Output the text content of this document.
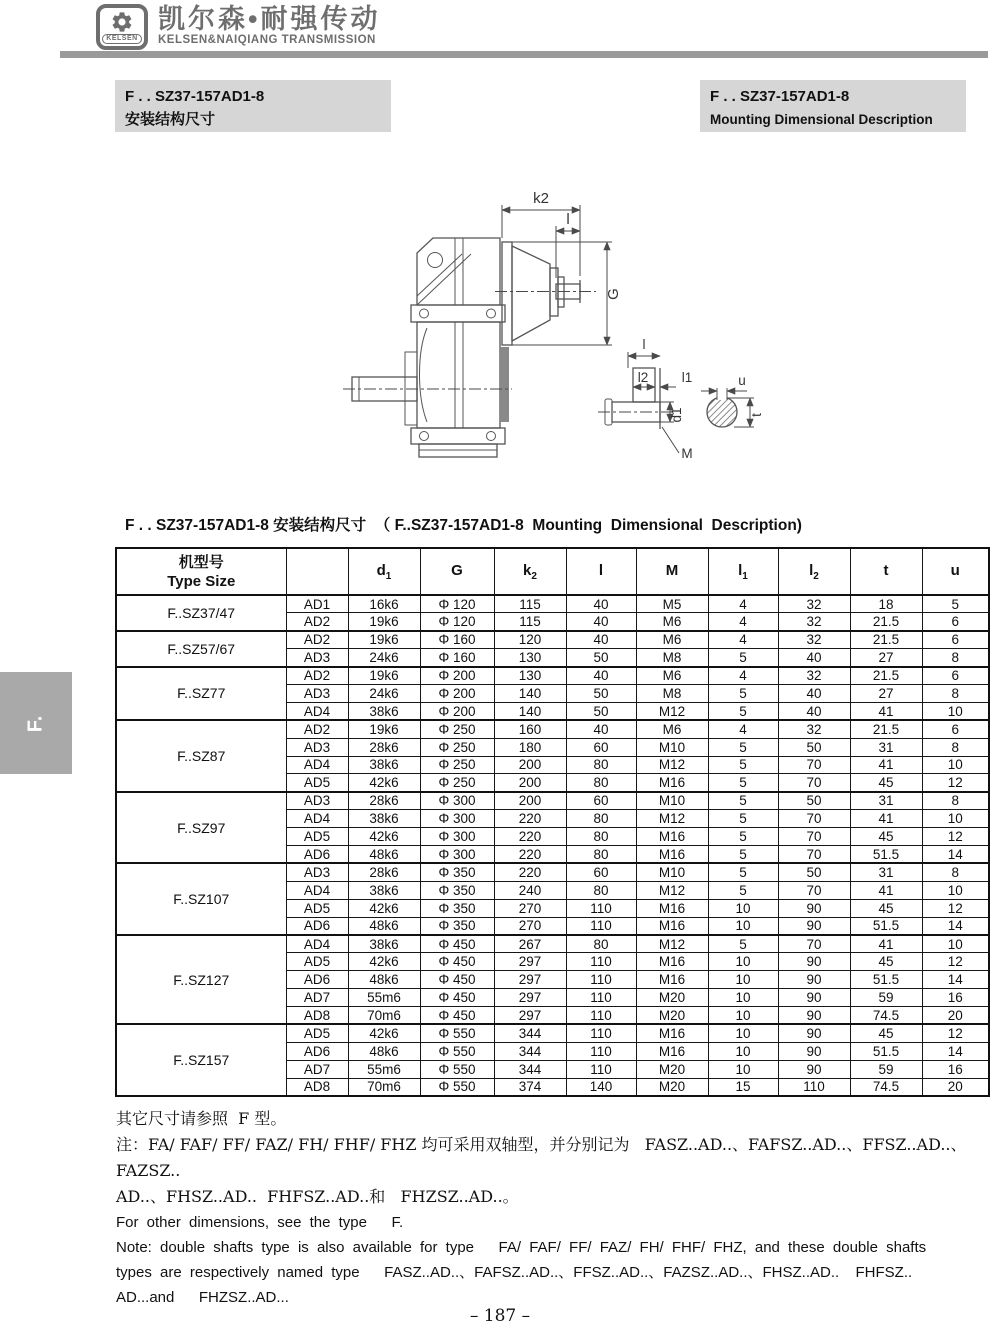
KELSEN
凯尔森•耐强传动
KELSEN&NAIQIANG TRANSMISSION
F . . SZ37-157AD1-8
安装结构尺寸
F . . SZ37-157AD1-8
Mounting Dimensional Description
F.
k2
l
G
l
l2 l1
d1
M
u
t
F . . SZ37-157AD1-8 安装结构尺寸  （ F..SZ37-157AD1-8  Mounting  Dimensional  Description)
机型号
Type Size		$d_1$	G	$k_2$	l	M	$l_1$	$l_2$	t	u
F..SZ37/47	AD1	16k6	Φ 120	115	40	M5	4	32	18	5
	AD2	19k6	Φ 120	115	40	M6	4	32	21.5	6
F..SZ57/67	AD2	19k6	Φ 160	120	40	M6	4	32	21.5	6
	AD3	24k6	Φ 160	130	50	M8	5	40	27	8
F..SZ77	AD2	19k6	Φ 200	130	40	M6	4	32	21.5	6
	AD3	24k6	Φ 200	140	50	M8	5	40	27	8
	AD4	38k6	Φ 200	140	50	M12	5	40	41	10
F..SZ87	AD2	19k6	Φ 250	160	40	M6	4	32	21.5	6
	AD3	28k6	Φ 250	180	60	M10	5	50	31	8
	AD4	38k6	Φ 250	200	80	M12	5	70	41	10
	AD5	42k6	Φ 250	200	80	M16	5	70	45	12
F..SZ97	AD3	28k6	Φ 300	200	60	M10	5	50	31	8
	AD4	38k6	Φ 300	220	80	M12	5	70	41	10
	AD5	42k6	Φ 300	220	80	M16	5	70	45	12
	AD6	48k6	Φ 300	220	80	M16	5	70	51.5	14
F..SZ107	AD3	28k6	Φ 350	220	60	M10	5	50	31	8
	AD4	38k6	Φ 350	240	80	M12	5	70	41	10
	AD5	42k6	Φ 350	270	110	M16	10	90	45	12
	AD6	48k6	Φ 350	270	110	M16	10	90	51.5	14
F..SZ127	AD4	38k6	Φ 450	267	80	M12	5	70	41	10
	AD5	42k6	Φ 450	297	110	M16	10	90	45	12
	AD6	48k6	Φ 450	297	110	M16	10	90	51.5	14
	AD7	55m6	Φ 450	297	110	M20	10	90	59	16
	AD8	70m6	Φ 450	297	110	M20	10	90	74.5	20
F..SZ157	AD5	42k6	Φ 550	344	110	M16	10	90	45	12
	AD6	48k6	Φ 550	344	110	M16	10	90	51.5	14
	AD7	55m6	Φ 550	344	110	M20	10	90	59	16
	AD8	70m6	Φ 550	374	140	M20	15	110	74.5	20
其它尺寸请参照  F 型。
注：FA/ FAF/ FF/ FAZ/ FH/ FHF/ FHZ 均可采用双轴型，并分别记为   FASZ..AD..、FAFSZ..AD..、FFSZ..AD..、FAZSZ..
AD..、FHSZ..AD..  FHFSZ..AD..和   FHZSZ..AD..。
For other dimensions, see the type   F.
Note: double shafts type is also available for type   FA/ FAF/ FF/ FAZ/ FH/ FHF/ FHZ, and these double shafts
types are respectively named type   FASZ..AD..、FAFSZ..AD..、FFSZ..AD..、FAZSZ..AD..、FHSZ..AD..  FHFSZ..
AD...and   FHZSZ..AD...
– 187 –
